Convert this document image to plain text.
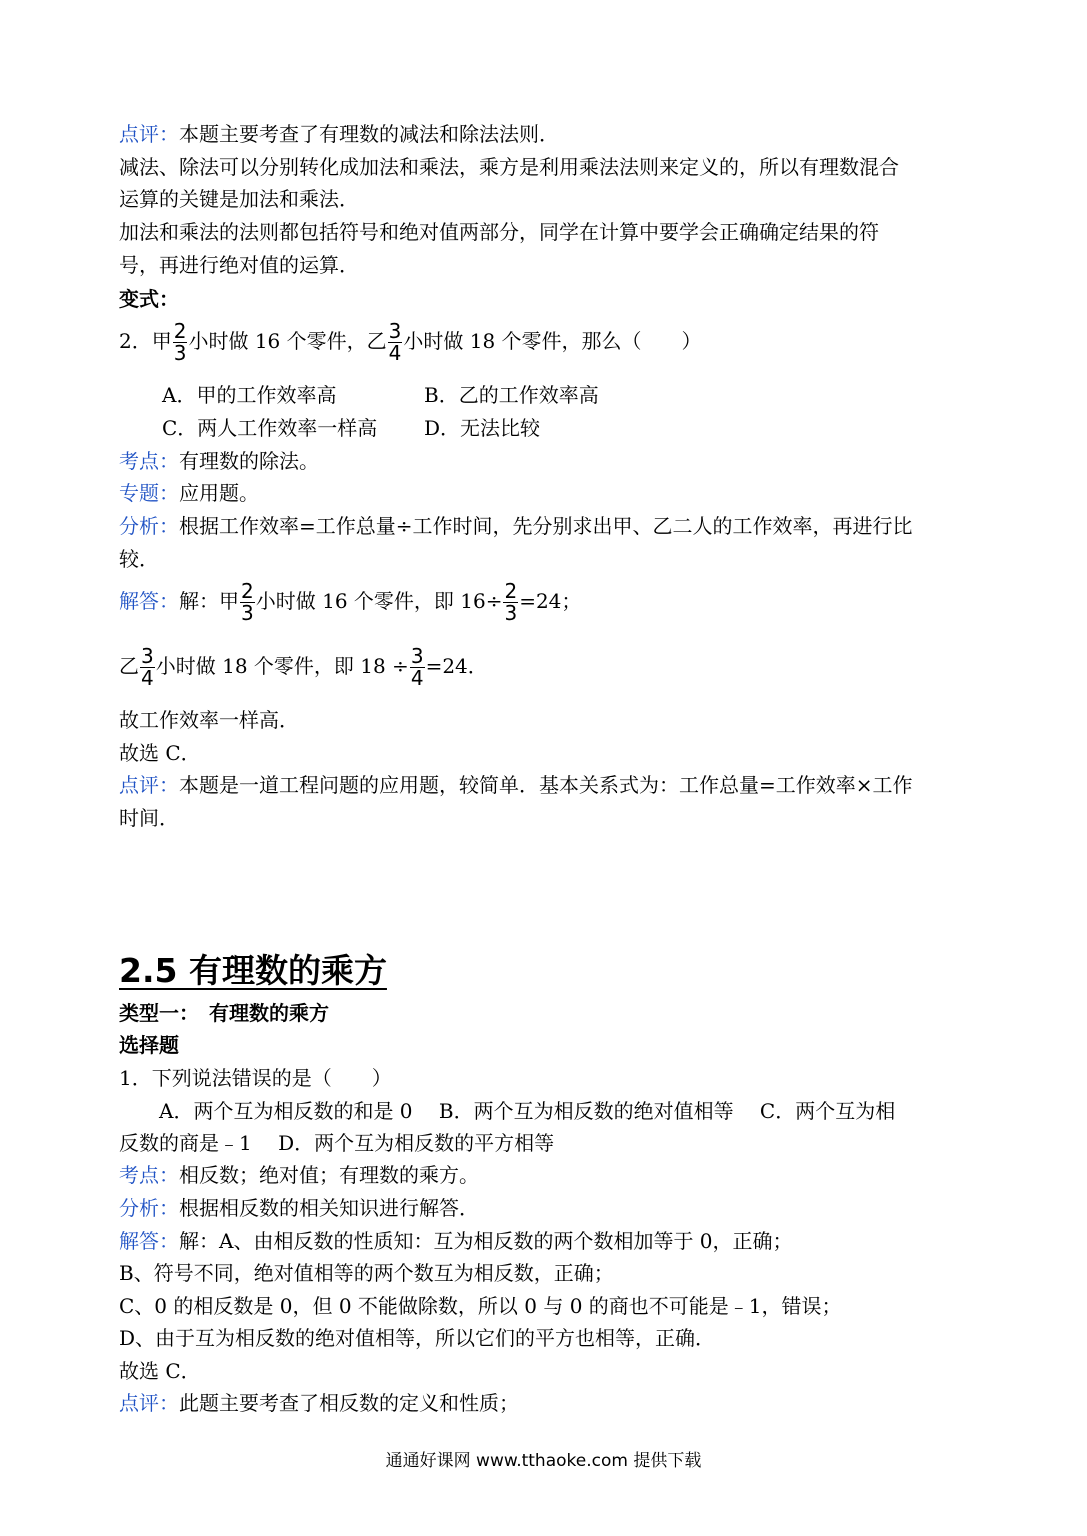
点评：本题主要考查了有理数的减法和除法法则．
减法、除法可以分别转化成加法和乘法，乘方是利用乘法法则来定义的，所以有理数混合
运算的关键是加法和乘法．
加法和乘法的法则都包括符号和绝对值两部分，同学在计算中要学会正确确定结果的符
号，再进行绝对值的运算．
变式：
2．甲 $\frac{2}{3}$ 小时做 16 个零件，乙 $\frac{3}{4}$ 小时做 18 个零件，那么（　　）
A．甲的工作效率高	B．乙的工作效率高
C．两人工作效率一样高 D．无法比较
考点：有理数的除法。
专题：应用题。
分析：根据工作效率=工作总量÷工作时间，先分别求出甲、乙二人的工作效率，再进行比
较．
解答：解：甲 $\frac{2}{3}$ 小时做 16 个零件，即 $16\div \frac{2}{3} =24$；
乙 $\frac{3}{4}$ 小时做 18 个零件，即 $18 \div \frac{3}{4} =24$．
故工作效率一样高．
故选 C．
点评：本题是一道工程问题的应用题，较简单．基本关系式为：工作总量=工作效率×工作
时间．
2.5 有理数的乘方
类型一：　有理数的乘方
选择题
1．下列说法错误的是（　　）
　　A．两个互为相反数的和是 0　 B．两个互为相反数的绝对值相等　 C．两个互为相
反数的商是﹣1　 D．两个互为相反数的平方相等
考点：相反数；绝对值；有理数的乘方。
分析：根据相反数的相关知识进行解答．
解答：解：A、由相反数的性质知：互为相反数的两个数相加等于 0，正确；
B、符号不同，绝对值相等的两个数互为相反数，正确；
C、0 的相反数是 0，但 0 不能做除数，所以 0 与 0 的商也不可能是﹣1，错误；
D、由于互为相反数的绝对值相等，所以它们的平方也相等，正确．
故选 C．
点评：此题主要考查了相反数的定义和性质；
通通好课网 www.tthaoke.com 提供下载
